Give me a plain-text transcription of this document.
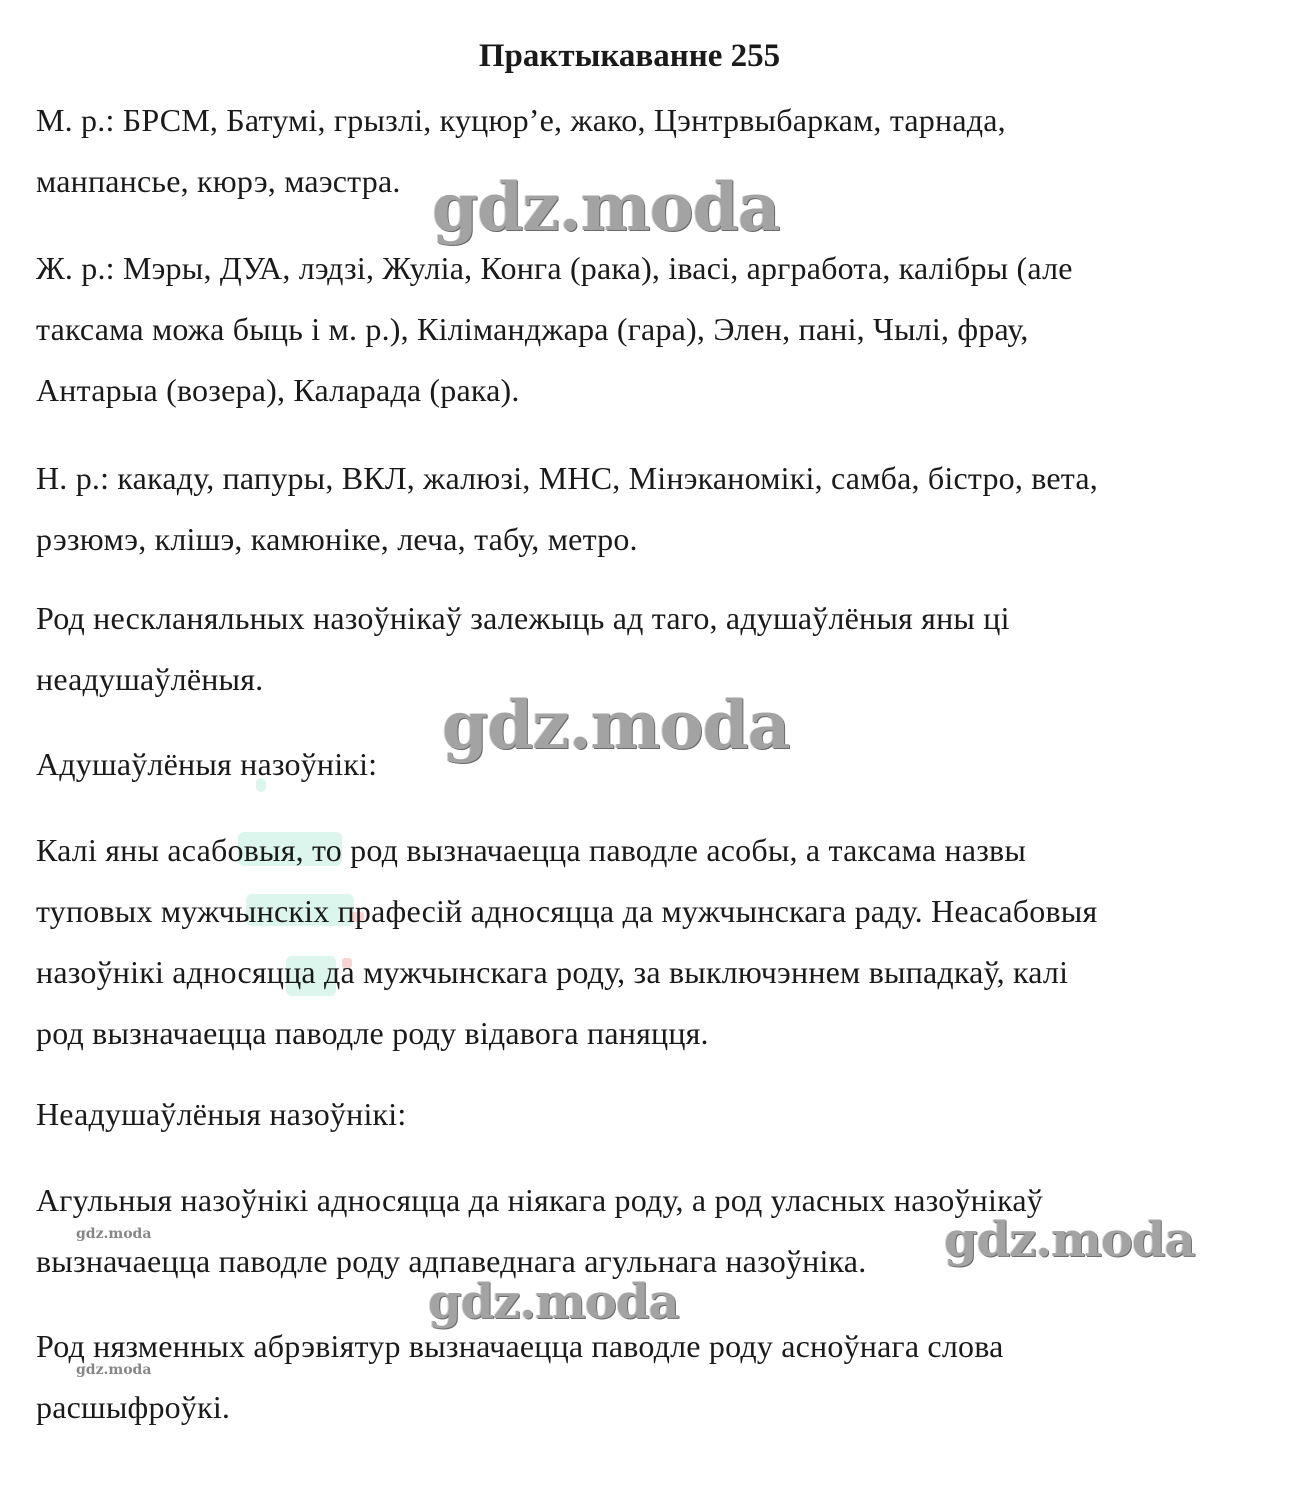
Практыкаванне 255

М. р.: БРСМ, Батумі, грызлі, куцюр’е, жако, Цэнтрвыбаркам, тарнада,
манпансье, кюрэ, маэстра.

Ж. р.: Мэры, ДУА, лэдзі, Жуліа, Конга (рака), івасі, аргработа, калібры (але
таксама можа быць і м. р.), Кіліманджара (гара), Элен, пані, Чылі, фрау,
Антарыа (возера), Каларада (рака).

Н. р.: какаду, папуры, ВКЛ, жалюзі, МНС, Мінэканомікі, самба, бістро, вета,
рэзюмэ, клішэ, камюніке, леча, табу, метро.

Род нескланяльных назоўнікаў залежыць ад таго, адушаўлёныя яны ці
неадушаўлёныя.

Адушаўлёныя назоўнікі:

Калі яны асабовыя, то род вызначаецца паводле асобы, а таксама назвы
туповых мужчынскіх прафесій адносяцца да мужчынскага раду. Неасабовыя
назоўнікі адносяцца да мужчынскага роду, за выключэннем выпадкаў, калі
род вызначаецца паводле роду відавога паняцця.

Неадушаўлёныя назоўнікі:

Агульныя назоўнікі адносяцца да ніякага роду, а род уласных назоўнікаў
вызначаецца паводле роду адпаведнага агульнага назоўніка.

Род нязменных абрэвіятур вызначаецца паводле роду асноўнага слова
расшыфроўкі.

gdz.moda
gdz.moda
gdz.moda
gdz.moda
gdz.moda
gdz.moda
